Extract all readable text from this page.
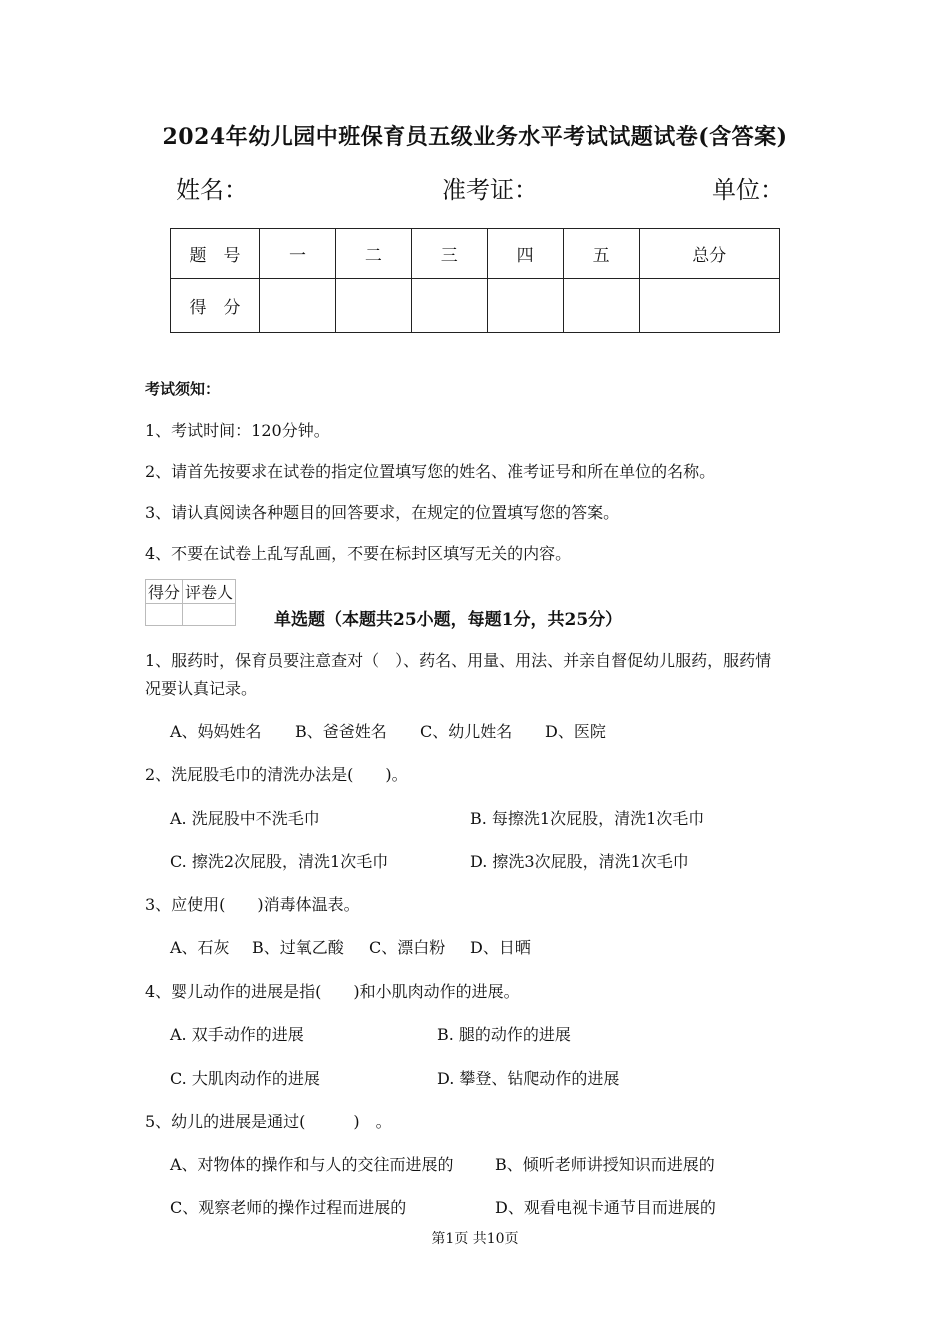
2024年幼儿园中班保育员五级业务水平考试试题试卷(含答案)
姓名：	准考证：	单位：
题　号	一	二	三	四	五	总分
得　分						
考试须知：
1、考试时间：120分钟。
2、请首先按要求在试卷的指定位置填写您的姓名、准考证号和所在单位的名称。
3、请认真阅读各种题目的回答要求，在规定的位置填写您的答案。
4、不要在试卷上乱写乱画，不要在标封区填写无关的内容。
得分	评卷人

单选题（本题共25小题，每题1分，共25分）
1、服药时，保育员要注意查对（　）、药名、用量、用法、并亲自督促幼儿服药，服药情
况要认真记录。
A、妈妈姓名 B、爸爸姓名 C、幼儿姓名 D、医院
2、洗屁股毛巾的清洗办法是(　　)。
A. 洗屁股中不洗毛巾	B. 每擦洗1次屁股，清洗1次毛巾
C. 擦洗2次屁股，清洗1次毛巾	D. 擦洗3次屁股，清洗1次毛巾
3、应使用(　　)消毒体温表。
A、石灰 B、过氧乙酸 C、漂白粉 D、日晒
4、婴儿动作的进展是指(　　)和小肌肉动作的进展。
A. 双手动作的进展	B. 腿的动作的进展
C. 大肌肉动作的进展	D. 攀登、钻爬动作的进展
5、幼儿的进展是通过(　　　)　。
A、对物体的操作和与人的交往而进展的	B、倾听老师讲授知识而进展的
C、观察老师的操作过程而进展的	D、观看电视卡通节目而进展的
第1页 共10页
